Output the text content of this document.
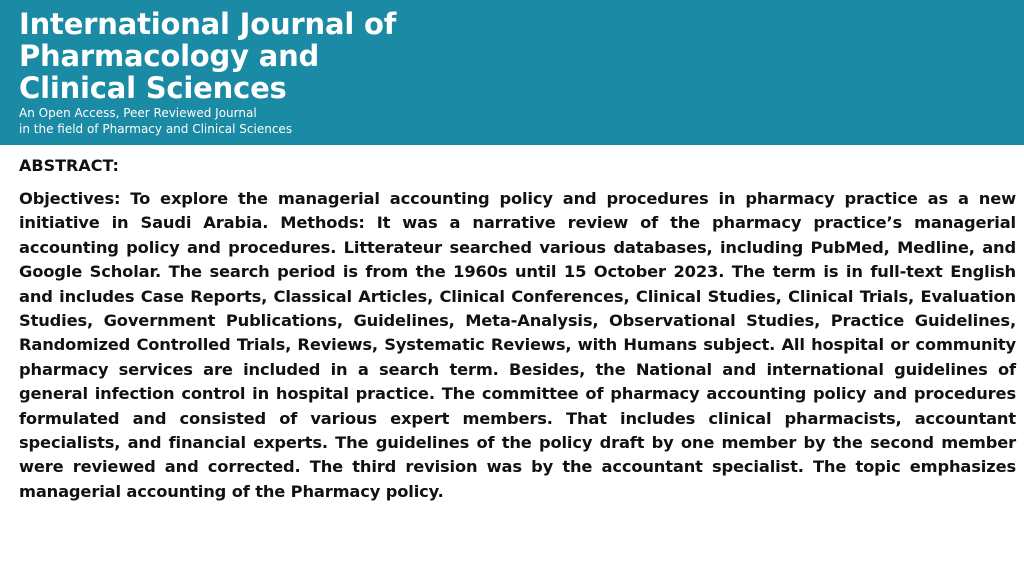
International Journal of
Pharmacology and
Clinical Sciences
An Open Access, Peer Reviewed Journal
in the field of Pharmacy and Clinical Sciences
ABSTRACT:

Objectives: To explore the managerial accounting policy and procedures in pharmacy practice as a new initiative in Saudi Arabia. Methods: It was a narrative review of the pharmacy practice’s managerial accounting policy and procedures. Litterateur searched various databases, including PubMed, Medline, and Google Scholar. The search period is from the 1960s until 15 October 2023. The term is in full-text English and includes Case Reports, Classical Articles, Clinical Conferences, Clinical Studies, Clinical Trials, Evaluation Studies, Government Publications, Guidelines, Meta-Analysis, Observational Studies, Practice Guidelines, Randomized Controlled Trials, Reviews, Systematic Reviews, with Humans subject. All hospital or community pharmacy services are included in a search term. Besides, the National and international guidelines of general infection control in hospital practice. The committee of pharmacy accounting policy and procedures formulated and consisted of various expert members. That includes clinical pharmacists, accountant specialists, and financial experts. The guidelines of the policy draft by one member by the second member were reviewed and corrected. The third revision was by the accountant specialist. The topic emphasizes managerial accounting of the Pharmacy policy.
